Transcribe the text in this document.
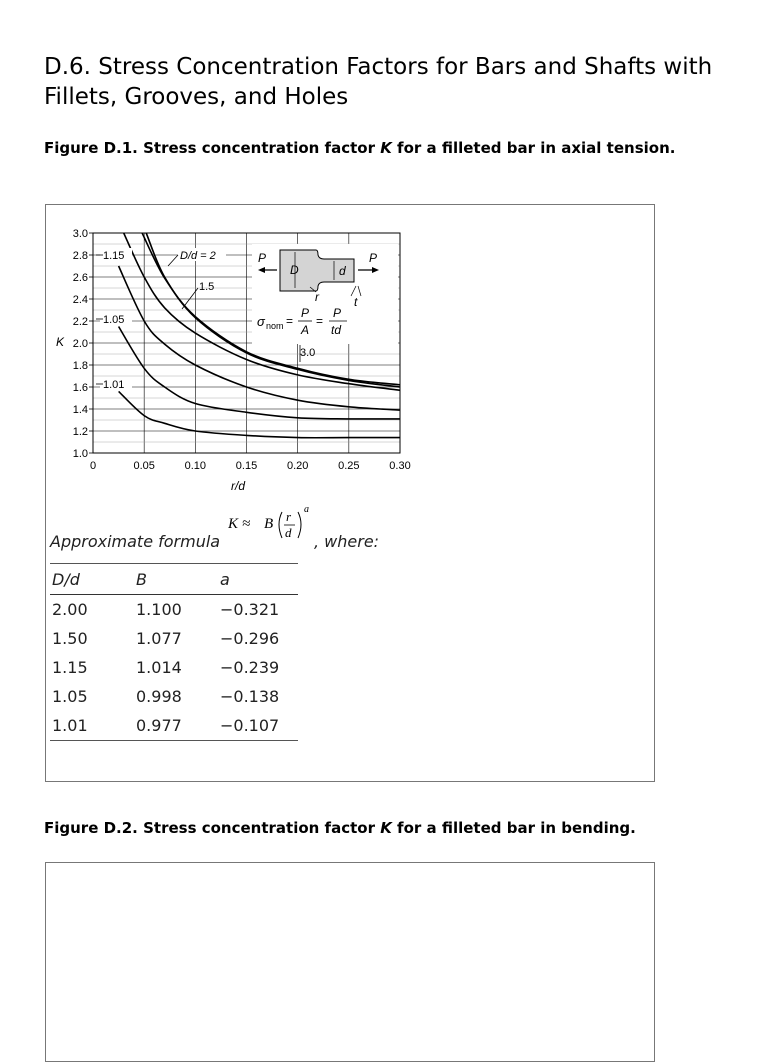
D.6. Stress Concentration Factors for Bars and Shafts with Fillets, Grooves, and Holes

Figure D.1. Stress concentration factor K for a filleted bar in axial tension.

0	0.05	0.10	0.15	0.20	0.25	0.30
1.0
1.2
1.4
1.6
1.8
2.0
2.2
2.4
2.6
2.8
3.0
K
r/d
1.15	D/d = 2
1.5
1.05
1.01
3.0
P	P
D	d
r	t
σ nom =
P
A
=
P
td
Approximate formula
K ≈ B r
d
a
, where:
D/d	B	a
2.00	1.100	−0.321
1.50	1.077	−0.296
1.15	1.014	−0.239
1.05	0.998	−0.138
1.01	0.977	−0.107

Figure D.2. Stress concentration factor K for a filleted bar in bending.
